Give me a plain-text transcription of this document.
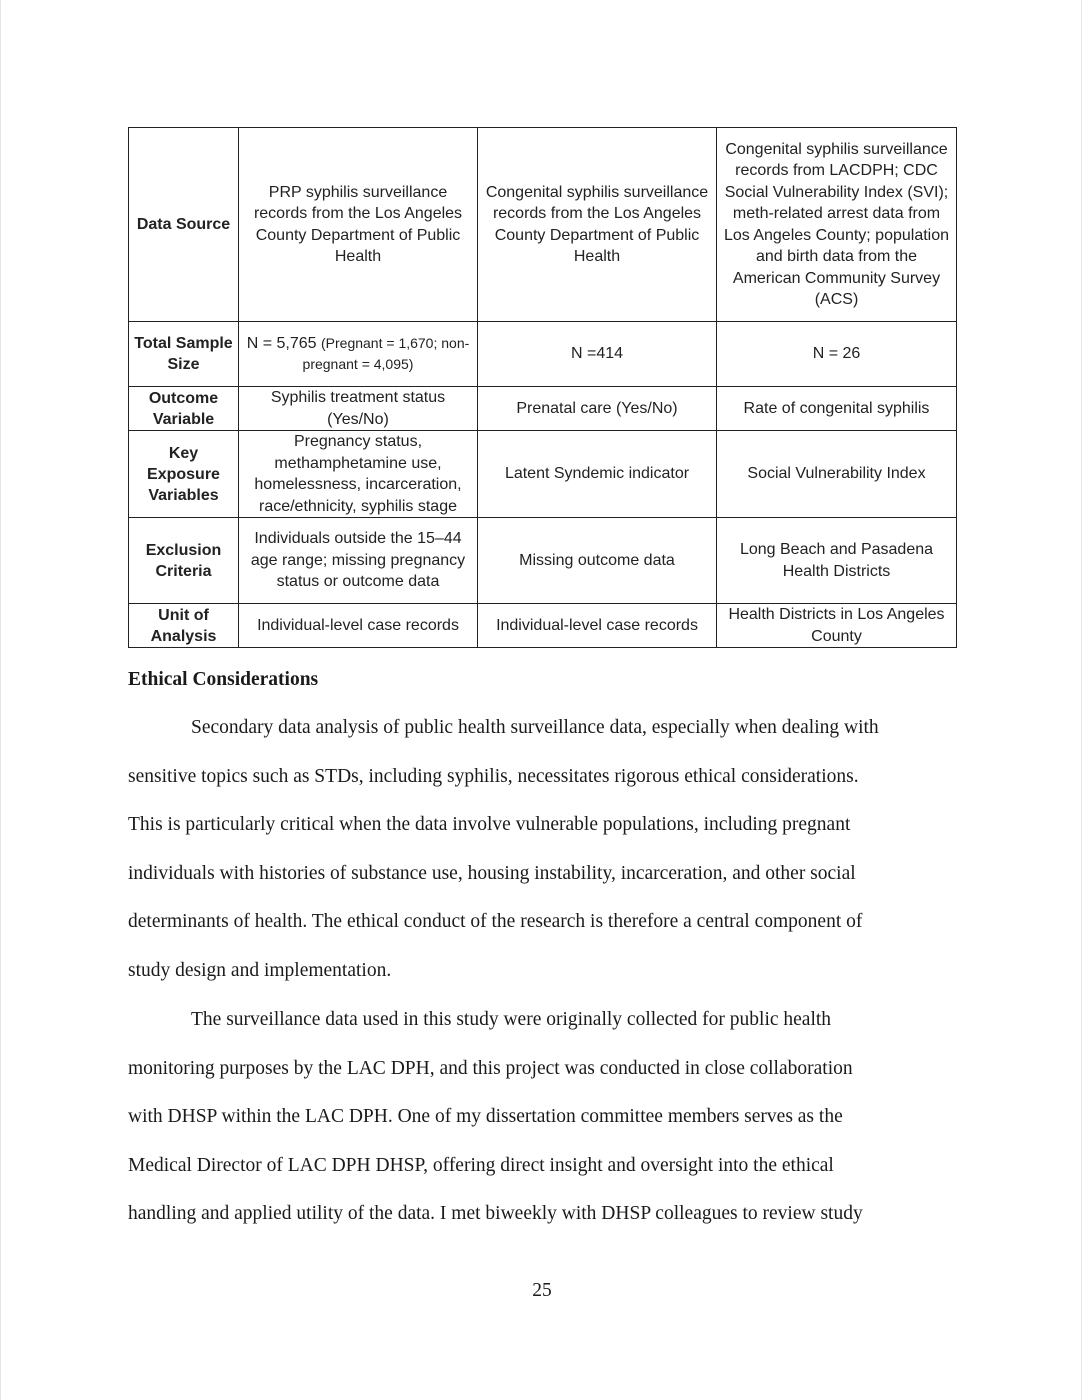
Data Source	PRP syphilis surveillance records from the Los Angeles County Department of Public Health	Congenital syphilis surveillance records from the Los Angeles County Department of Public Health	Congenital syphilis surveillance records from LACDPH; CDC Social Vulnerability Index (SVI); meth-related arrest data from Los Angeles County; population and birth data from the American Community Survey (ACS)
Total Sample Size	N = 5,765 (Pregnant = 1,670; non-pregnant = 4,095)	N =414	N = 26
Outcome Variable	Syphilis treatment status (Yes/No)	Prenatal care (Yes/No)	Rate of congenital syphilis
Key Exposure Variables	Pregnancy status, methamphetamine use, homelessness, incarceration, race/ethnicity, syphilis stage	Latent Syndemic indicator	Social Vulnerability Index
Exclusion Criteria	Individuals outside the 15–44 age range; missing pregnancy status or outcome data	Missing outcome data	Long Beach and Pasadena Health Districts
Unit of Analysis	Individual-level case records	Individual-level case records	Health Districts in Los Angeles County
Ethical Considerations

Secondary data analysis of public health surveillance data, especially when dealing with
sensitive topics such as STDs, including syphilis, necessitates rigorous ethical considerations.
This is particularly critical when the data involve vulnerable populations, including pregnant
individuals with histories of substance use, housing instability, incarceration, and other social
determinants of health. The ethical conduct of the research is therefore a central component of
study design and implementation.

The surveillance data used in this study were originally collected for public health
monitoring purposes by the LAC DPH, and this project was conducted in close collaboration
with DHSP within the LAC DPH. One of my dissertation committee members serves as the
Medical Director of LAC DPH DHSP, offering direct insight and oversight into the ethical
handling and applied utility of the data. I met biweekly with DHSP colleagues to review study

25
